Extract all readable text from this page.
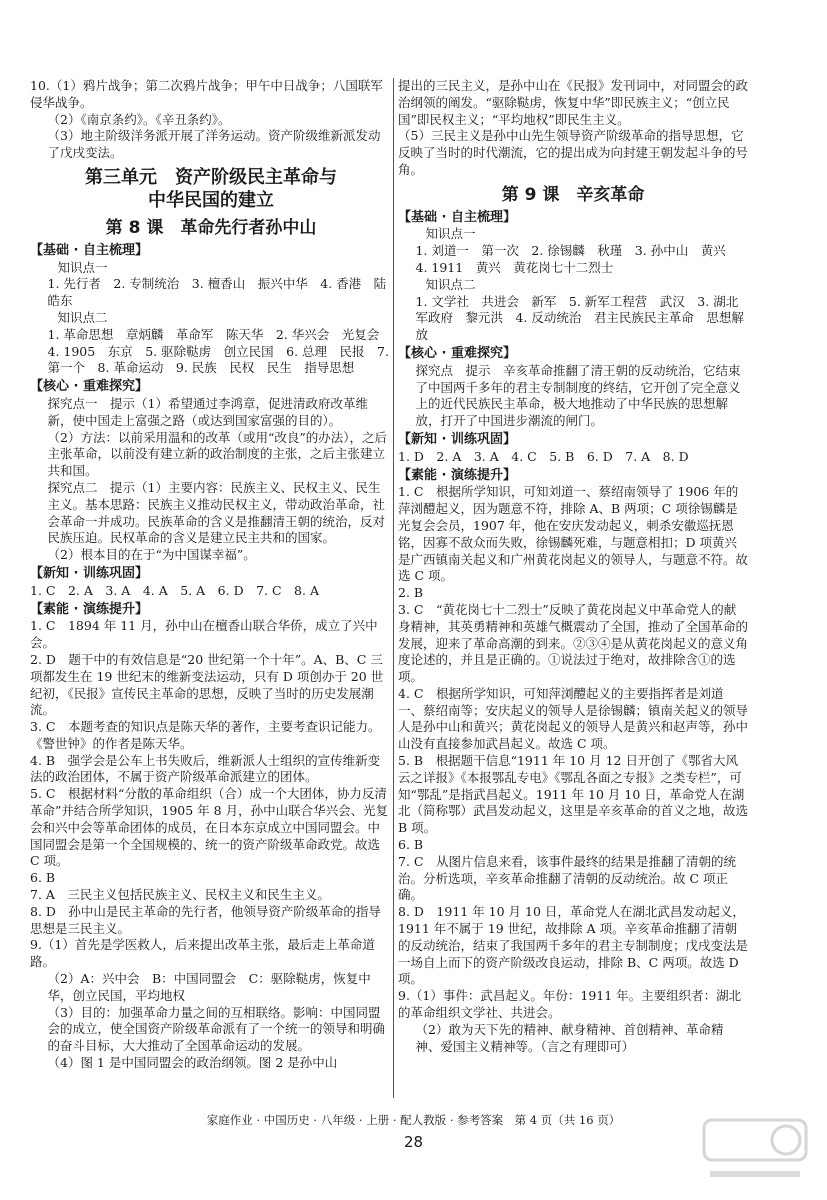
10.（1）鸦片战争；第二次鸦片战争；甲午中日战争；八国联军侵华战争。

（2）《南京条约》。《辛丑条约》。

（3）地主阶级洋务派开展了洋务运动。资产阶级维新派发动了戊戌变法。

第三单元　资产阶级民主革命与
中华民国的建立
第 8 课　革命先行者孙中山
【基础 · 自主梳理】
知识点一

1. 先行者　2. 专制统治　3. 檀香山　振兴中华　4. 香港　陆皓东

知识点二

1. 革命思想　章炳麟　革命军　陈天华　2. 华兴会　光复会　4. 1905　东京　5. 驱除鞑虏　创立民国　6. 总理　民报　7. 第一个　8. 革命运动　9. 民族　民权　民生　指导思想

【核心 · 重难探究】

探究点一　提示（1）希望通过李鸿章，促进清政府改革维新，使中国走上富强之路（或达到国家富强的目的）。

（2）方法：以前采用温和的改革（或用“改良”的办法），之后主张革命，以前没有建立新的政治制度的主张，之后主张建立共和国。

探究点二　提示（1）主要内容：民族主义、民权主义、民生主义。基本思路：民族主义推动民权主义，带动政治革命，社会革命一并成功。民族革命的含义是推翻清王朝的统治，反对民族压迫。民权革命的含义是建立民主共和的国家。

（2）根本目的在于“为中国谋幸福”。

【新知 · 训练巩固】

1. C　2. A　3. A　4. A　5. A　6. D　7. C　8. A

【素能 · 演练提升】

1. C　1894 年 11 月，孙中山在檀香山联合华侨，成立了兴中会。

2. D　题干中的有效信息是“20 世纪第一个十年”。A、B、C 三项都发生在 19 世纪末的维新变法运动，只有 D 项创办于 20 世纪初，《民报》宣传民主革命的思想，反映了当时的历史发展潮流。

3. C　本题考查的知识点是陈天华的著作，主要考查识记能力。《警世钟》的作者是陈天华。

4. B　强学会是公车上书失败后，维新派人士组织的宣传维新变法的政治团体，不属于资产阶级革命派建立的团体。

5. C　根据材料“分散的革命组织（合）成一个大团体，协力反清革命”并结合所学知识，1905 年 8 月，孙中山联合华兴会、光复会和兴中会等革命团体的成员，在日本东京成立中国同盟会。中国同盟会是第一个全国规模的、统一的资产阶级革命政党。故选 C 项。

6. B

7. A　三民主义包括民族主义、民权主义和民生主义。

8. D　孙中山是民主革命的先行者，他领导资产阶级革命的指导思想是三民主义。

9.（1）首先是学医救人，后来提出改革主张，最后走上革命道路。

（2）A：兴中会　B：中国同盟会　C：驱除鞑虏，恢复中华，创立民国，平均地权

（3）目的：加强革命力量之间的互相联络。影响：中国同盟会的成立，使全国资产阶级革命派有了一个统一的领导和明确的奋斗目标，大大推动了全国革命运动的发展。

（4）图 1 是中国同盟会的政治纲领。图 2 是孙中山

提出的三民主义，是孙中山在《民报》发刊词中，对同盟会的政治纲领的阐发。“驱除鞑虏，恢复中华”即民族主义；“创立民国”即民权主义；“平均地权”即民生主义。

（5）三民主义是孙中山先生领导资产阶级革命的指导思想，它反映了当时的时代潮流，它的提出成为向封建王朝发起斗争的号角。

第 9 课　辛亥革命
【基础 · 自主梳理】
知识点一

1. 刘道一　第一次　2. 徐锡麟　秋瑾　3. 孙中山　黄兴　4. 1911　黄兴　黄花岗七十二烈士

知识点二

1. 文学社　共进会　新军　5. 新军工程营　武汉　3. 湖北军政府　黎元洪　4. 反动统治　君主民族民主革命　思想解放

【核心 · 重难探究】

探究点　提示　辛亥革命推翻了清王朝的反动统治，它结束了中国两千多年的君主专制制度的终结，它开创了完全意义上的近代民族民主革命，极大地推动了中华民族的思想解放，打开了中国进步潮流的闸门。

【新知 · 训练巩固】

1. D　2. A　3. A　4. C　5. B　6. D　7. A　8. D

【素能 · 演练提升】

1. C　根据所学知识，可知刘道一、蔡绍南领导了 1906 年的萍浏醴起义，因为题意不符，排除 A、B 两项；C 项徐锡麟是光复会会员，1907 年，他在安庆发动起义，刺杀安徽巡抚恩铭，因寡不敌众而失败，徐锡麟死难，与题意相扣；D 项黄兴是广西镇南关起义和广州黄花岗起义的领导人，与题意不符。故选 C 项。

2. B

3. C　“黄花岗七十二烈士”反映了黄花岗起义中革命党人的献身精神，其英勇精神和英雄气概震动了全国，推动了全国革命的发展，迎来了革命高潮的到来。②③④是从黄花岗起义的意义角度论述的，并且是正确的。①说法过于绝对，故排除含①的选项。

4. C　根据所学知识，可知萍浏醴起义的主要指挥者是刘道一、蔡绍南等；安庆起义的领导人是徐锡麟；镇南关起义的领导人是孙中山和黄兴；黄花岗起义的领导人是黄兴和赵声等，孙中山没有直接参加武昌起义。故选 C 项。

5. B　根据题干信息“1911 年 10 月 12 日开创了《鄂省大风云之详报》《本报鄂乱专电》《鄂乱各面之专报》之类专栏”，可知“鄂乱”是指武昌起义。1911 年 10 月 10 日，革命党人在湖北（简称鄂）武昌发动起义，这里是辛亥革命的首义之地，故选 B 项。

6. B

7. C　从图片信息来看，该事件最终的结果是推翻了清朝的统治。分析选项，辛亥革命推翻了清朝的反动统治。故 C 项正确。

8. D　1911 年 10 月 10 日，革命党人在湖北武昌发动起义，1911 年不属于 19 世纪，故排除 A 项。辛亥革命推翻了清朝的反动统治，结束了我国两千多年的君主专制制度；戊戌变法是一场自上而下的资产阶级改良运动，排除 B、C 两项。故选 D 项。

9.（1）事件：武昌起义。年份：1911 年。主要组织者：湖北的革命组织文学社、共进会。

（2）敢为天下先的精神、献身精神、首创精神、革命精神、爱国主义精神等。（言之有理即可）

家庭作业 · 中国历史 · 八年级 · 上册 · 配人教版 · 参考答案　第 4 页（共 16 页）
28
